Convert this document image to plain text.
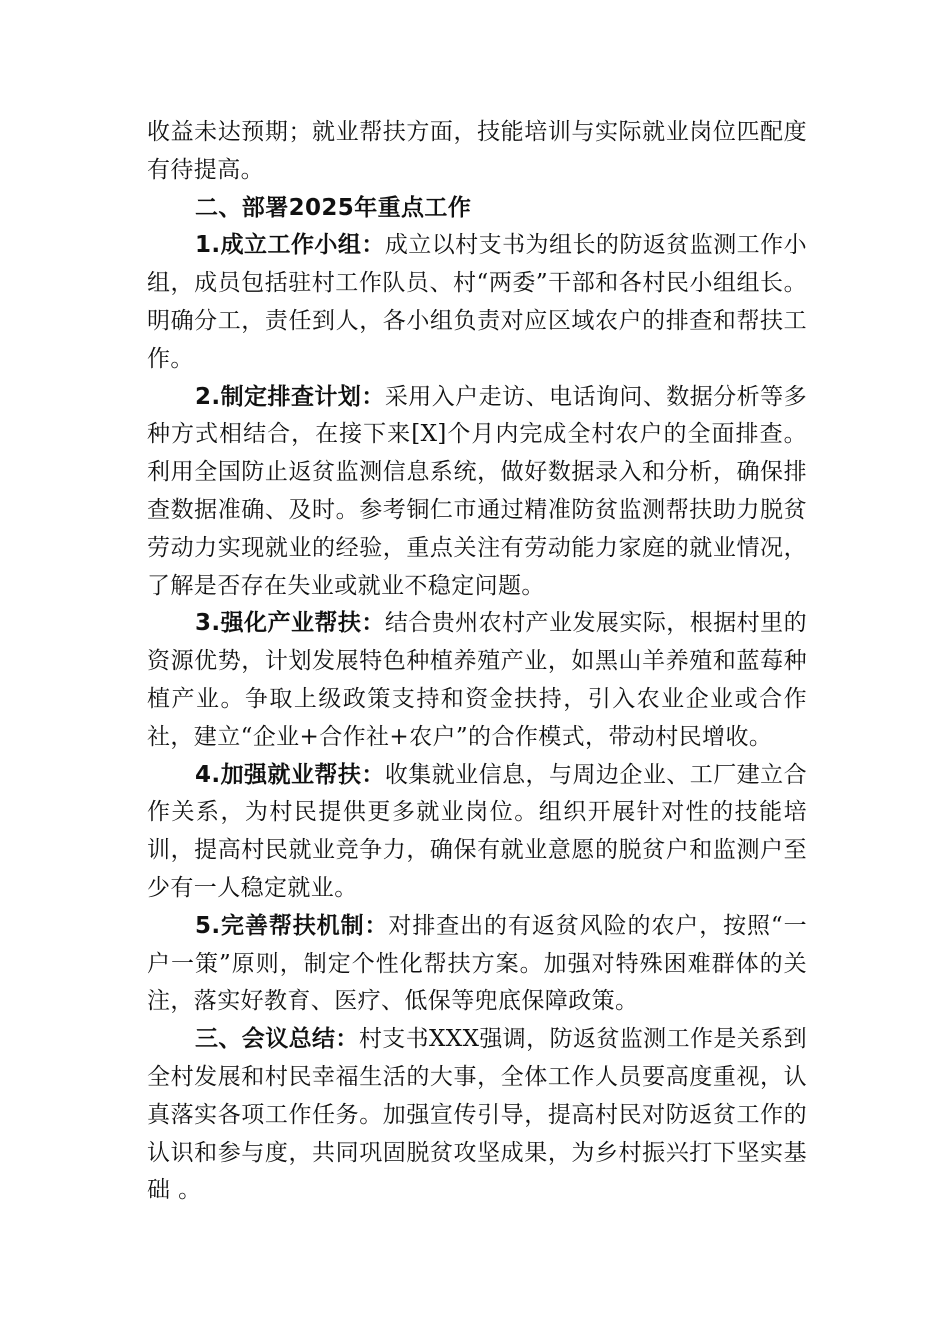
收益未达预期；就业帮扶方面，技能培训与实际就业岗位匹配度有待提高。

二、部署2025年重点工作

1.成立工作小组：成立以村支书为组长的防返贫监测工作小组，成员包括驻村工作队员、村“两委”干部和各村民小组组长。明确分工，责任到人，各小组负责对应区域农户的排查和帮扶工作。

2.制定排查计划：采用入户走访、电话询问、数据分析等多种方式相结合，在接下来[X]个月内完成全村农户的全面排查。利用全国防止返贫监测信息系统，做好数据录入和分析，确保排查数据准确、及时。参考铜仁市通过精准防贫监测帮扶助力脱贫劳动力实现就业的经验，重点关注有劳动能力家庭的就业情况，了解是否存在失业或就业不稳定问题。

3.强化产业帮扶：结合贵州农村产业发展实际，根据村里的资源优势，计划发展特色种植养殖产业，如黑山羊养殖和蓝莓种植产业。争取上级政策支持和资金扶持，引入农业企业或合作社，建立“企业+合作社+农户”的合作模式，带动村民增收。

4.加强就业帮扶：收集就业信息，与周边企业、工厂建立合作关系，为村民提供更多就业岗位。组织开展针对性的技能培训，提高村民就业竞争力，确保有就业意愿的脱贫户和监测户至少有一人稳定就业。

5.完善帮扶机制：对排查出的有返贫风险的农户，按照“一户一策”原则，制定个性化帮扶方案。加强对特殊困难群体的关注，落实好教育、医疗、低保等兜底保障政策。

三、会议总结：村支书XXX强调，防返贫监测工作是关系到全村发展和村民幸福生活的大事，全体工作人员要高度重视，认真落实各项工作任务。加强宣传引导，提高村民对防返贫工作的认识和参与度，共同巩固脱贫攻坚成果，为乡村振兴打下坚实基础 。
